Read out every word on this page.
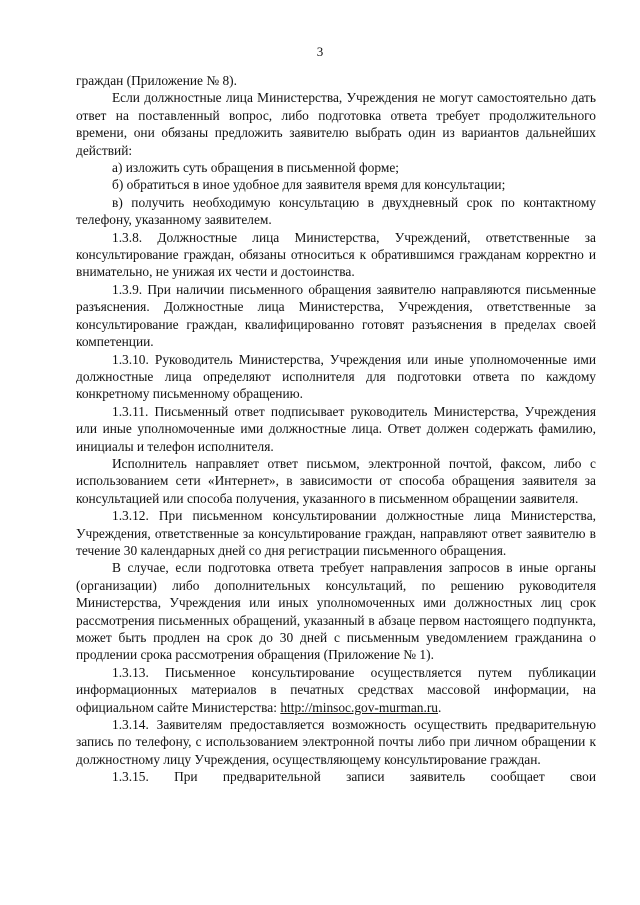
3

граждан (Приложение № 8).

Если должностные лица Министерства, Учреждения не могут самостоятельно дать ответ на поставленный вопрос, либо подготовка ответа требует продолжительного времени, они обязаны предложить заявителю выбрать один из вариантов дальнейших действий:

а) изложить суть обращения в письменной форме;

б) обратиться в иное удобное для заявителя время для консультации;

в) получить необходимую консультацию в двухдневный срок по контактному телефону, указанному заявителем.

1.3.8. Должностные лица Министерства, Учреждений, ответственные за консультирование граждан, обязаны относиться к обратившимся гражданам корректно и внимательно, не унижая их чести и достоинства.

1.3.9. При наличии письменного обращения заявителю направляются письменные разъяснения. Должностные лица Министерства, Учреждения, ответственные за консультирование граждан, квалифицированно готовят разъяснения в пределах своей компетенции.

1.3.10. Руководитель Министерства, Учреждения или иные уполномоченные ими должностные лица определяют исполнителя для подготовки ответа по каждому конкретному письменному обращению.

1.3.11. Письменный ответ подписывает руководитель Министерства, Учреждения или иные уполномоченные ими должностные лица. Ответ должен содержать фамилию, инициалы и телефон исполнителя.

Исполнитель направляет ответ письмом, электронной почтой, факсом, либо с использованием сети «Интернет», в зависимости от способа обращения заявителя за консультацией или способа получения, указанного в письменном обращении заявителя.

1.3.12. При письменном консультировании должностные лица Министерства, Учреждения, ответственные за консультирование граждан, направляют ответ заявителю в течение 30 календарных дней со дня регистрации письменного обращения.

В случае, если подготовка ответа требует направления запросов в иные органы (организации) либо дополнительных консультаций, по решению руководителя Министерства, Учреждения или иных уполномоченных ими должностных лиц срок рассмотрения письменных обращений, указанный в абзаце первом настоящего подпункта, может быть продлен на срок до 30 дней с письменным уведомлением гражданина о продлении срока рассмотрения обращения (Приложение № 1).

1.3.13. Письменное консультирование осуществляется путем публикации информационных материалов в печатных средствах массовой информации, на официальном сайте Министерства: http://minsoc.gov-murman.ru.

1.3.14. Заявителям предоставляется возможность осуществить предварительную запись по телефону, с использованием электронной почты либо при личном обращении к должностному лицу Учреждения, осуществляющему консультирование граждан.

1.3.15. При предварительной записи заявитель сообщает свои
